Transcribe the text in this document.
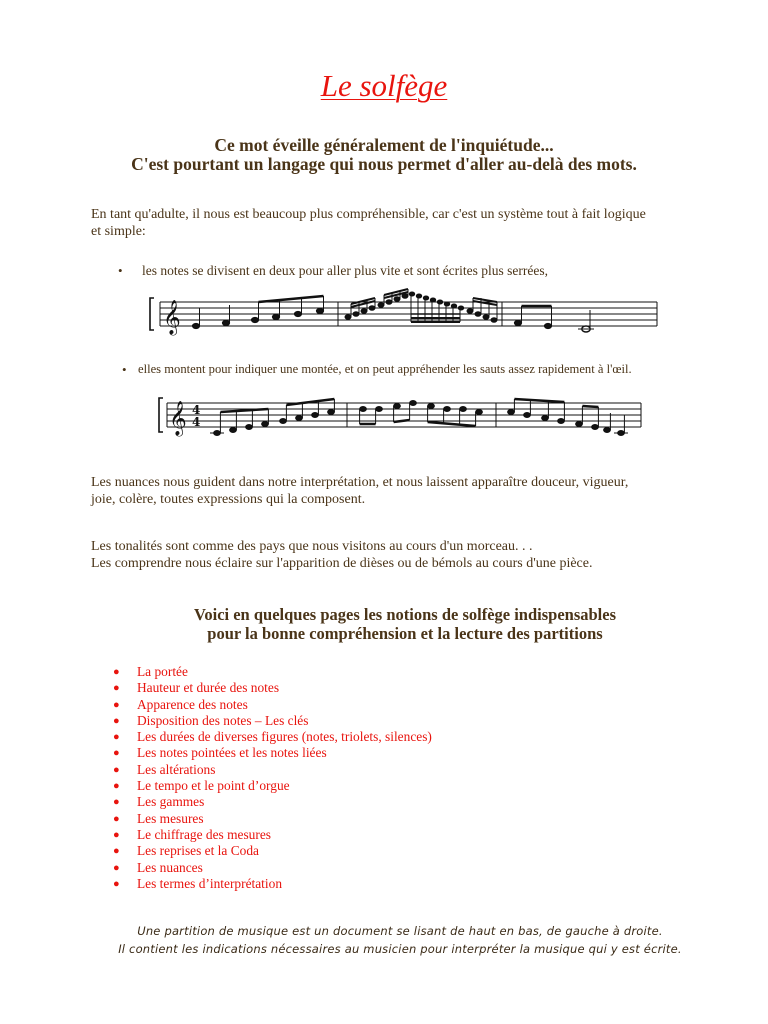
Le solfège
Ce mot éveille généralement de l'inquiétude...
C'est pourtant un langage qui nous permet d'aller au-delà des mots.
En tant qu'adulte, il nous est beaucoup plus compréhensible, car c'est un système tout à fait logique
et simple:
• les notes se divisent en deux pour aller plus vite et sont écrites plus serrées,
𝄞
𝄞 4
4
• elles montent pour indiquer une montée, et on peut appréhender les sauts assez rapidement à l'œil.
Les nuances nous guident dans notre interprétation, et nous laissent apparaître douceur, vigueur,
joie, colère, toutes expressions qui la composent.
Les tonalités sont comme des pays que nous visitons au cours d'un morceau. . .
Les comprendre nous éclaire sur l'apparition de dièses ou de bémols au cours d'une pièce.
Voici en quelques pages les notions de solfège indispensables
pour la bonne compréhension et la lecture des partitions
● La portée
● Hauteur et durée des notes
● Apparence des notes
● Disposition des notes – Les clés
● Les durées de diverses figures (notes, triolets, silences)
● Les notes pointées et les notes liées
● Les altérations
● Le tempo et le point d’orgue
● Les gammes
● Les mesures
● Le chiffrage des mesures
● Les reprises et la Coda
● Les nuances
● Les termes d’interprétation
Une partition de musique est un document se lisant de haut en bas, de gauche à droite.
Il contient les indications nécessaires au musicien pour interpréter la musique qui y est écrite.
